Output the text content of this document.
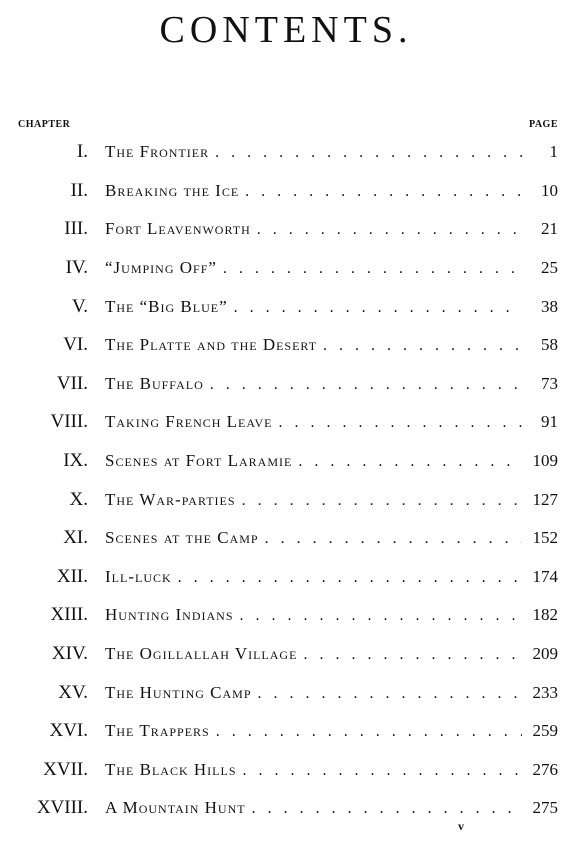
CONTENTS.
CHAPTER	PAGE
I. The Frontier . . .	1
II. Breaking the Ice . . .	10
III. Fort Leavenworth . . .	21
IV. “Jumping Off” . . .	25
V. The “Big Blue” . . .	38
VI. The Platte and the Desert . . .	58
VII. The Buffalo . . .	73
VIII. Taking French Leave . . .	91
IX. Scenes at Fort Laramie . . .	109
X. The War-parties . . .	127
XI. Scenes at the Camp . . .	152
XII. Ill-luck . . .	174
XIII. Hunting Indians . . .	182
XIV. The Ogillallah Village . . .	209
XV. The Hunting Camp . . .	233
XVI. The Trappers . . .	259
XVII. The Black Hills . . .	276
XVIII. A Mountain Hunt . . .	275
v
